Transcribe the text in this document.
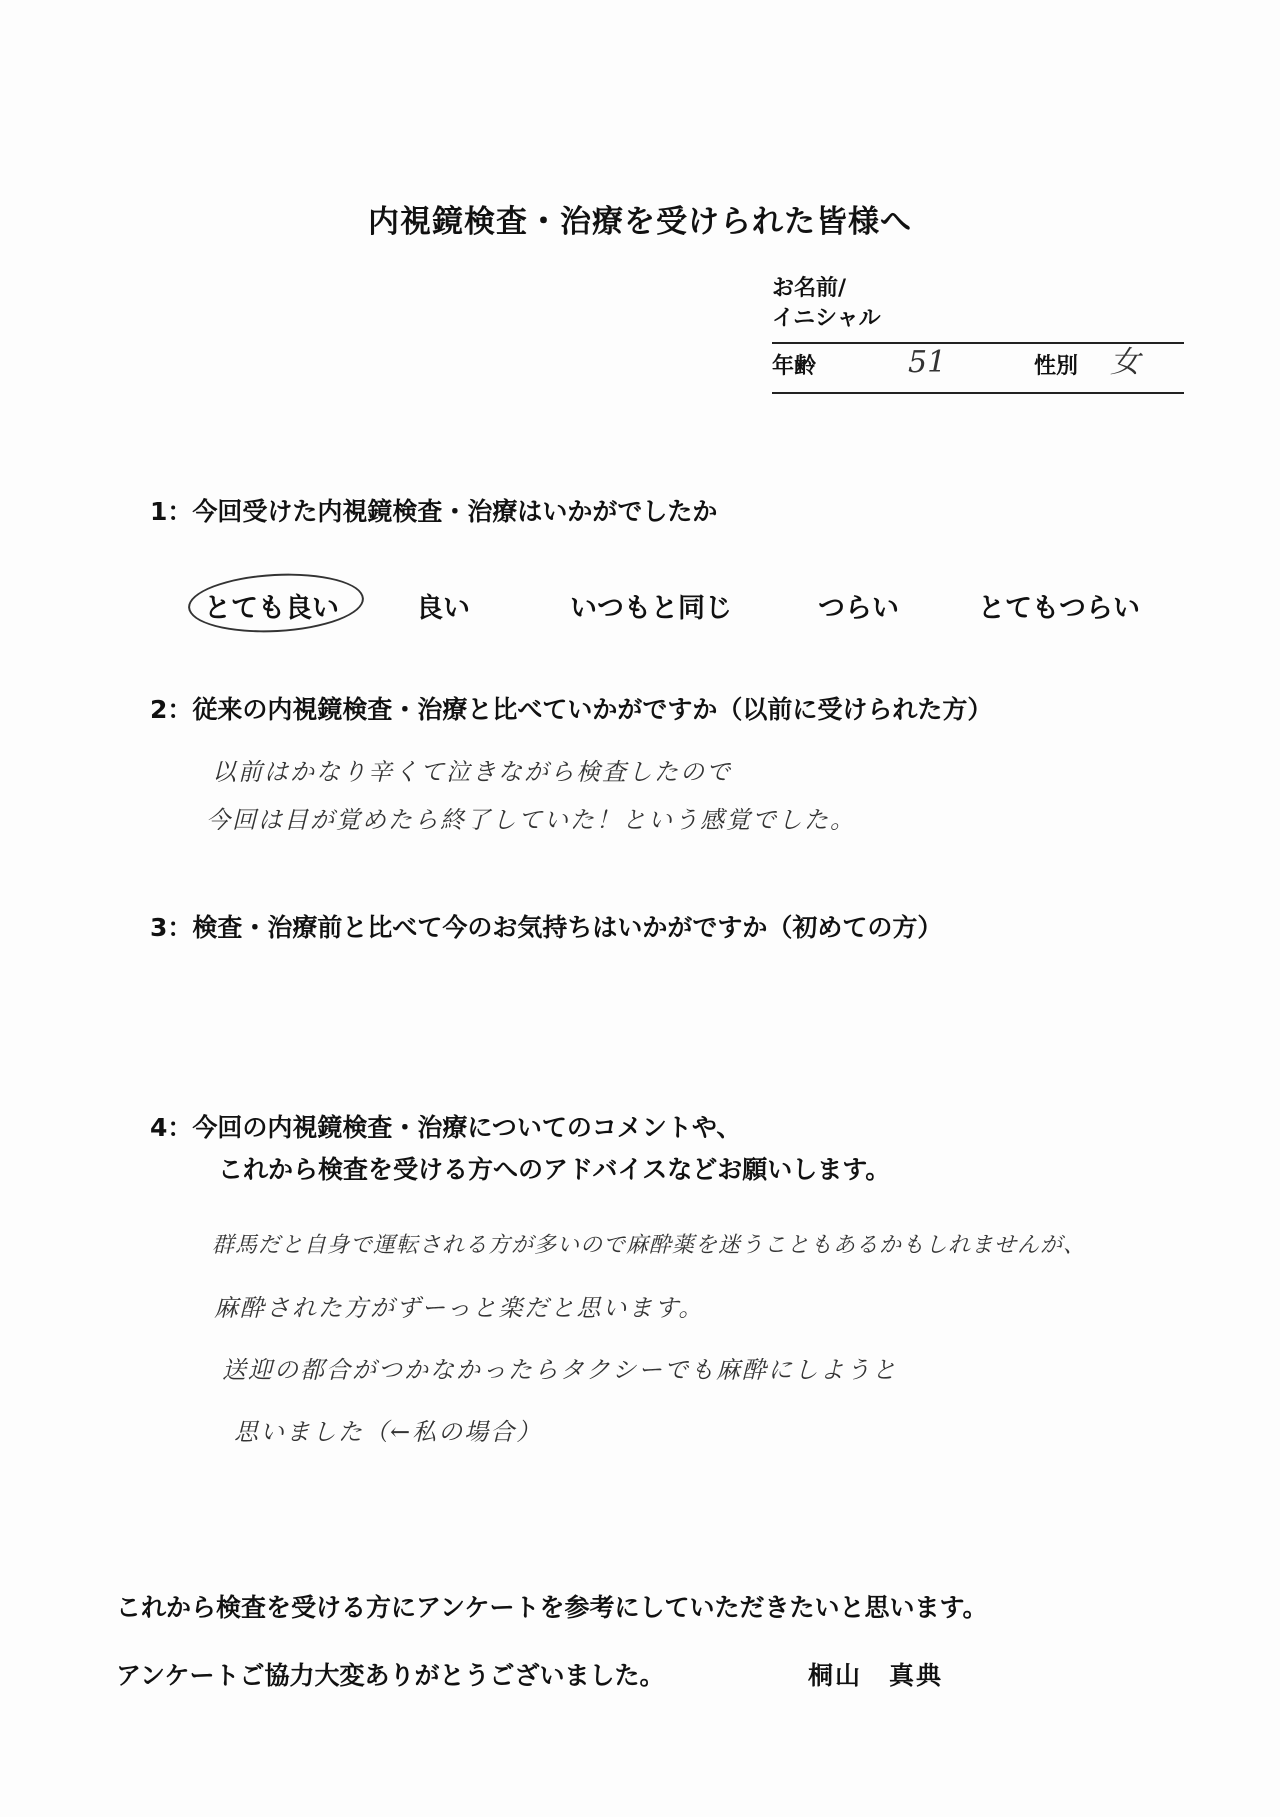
内視鏡検査・治療を受けられた皆様へ
お名前/
イニシャル
年齢	51	性別 女
1：今回受けた内視鏡検査・治療はいかがでしたか
とても良い	良い	いつもと同じ	つらい	とてもつらい
2：従来の内視鏡検査・治療と比べていかがですか（以前に受けられた方）
以前はかなり辛くて泣きながら検査したので
今回は目が覚めたら終了していた！という感覚でした。
3：検査・治療前と比べて今のお気持ちはいかがですか（初めての方）
4：今回の内視鏡検査・治療についてのコメントや、
これから検査を受ける方へのアドバイスなどお願いします。
群馬だと自身で運転される方が多いので麻酔薬を迷うこともあるかもしれませんが、
麻酔された方がずーっと楽だと思います。
送迎の都合がつかなかったらタクシーでも麻酔にしようと
思いました（←私の場合）
これから検査を受ける方にアンケートを参考にしていただきたいと思います。
アンケートご協力大変ありがとうございました。	桐山　真典
